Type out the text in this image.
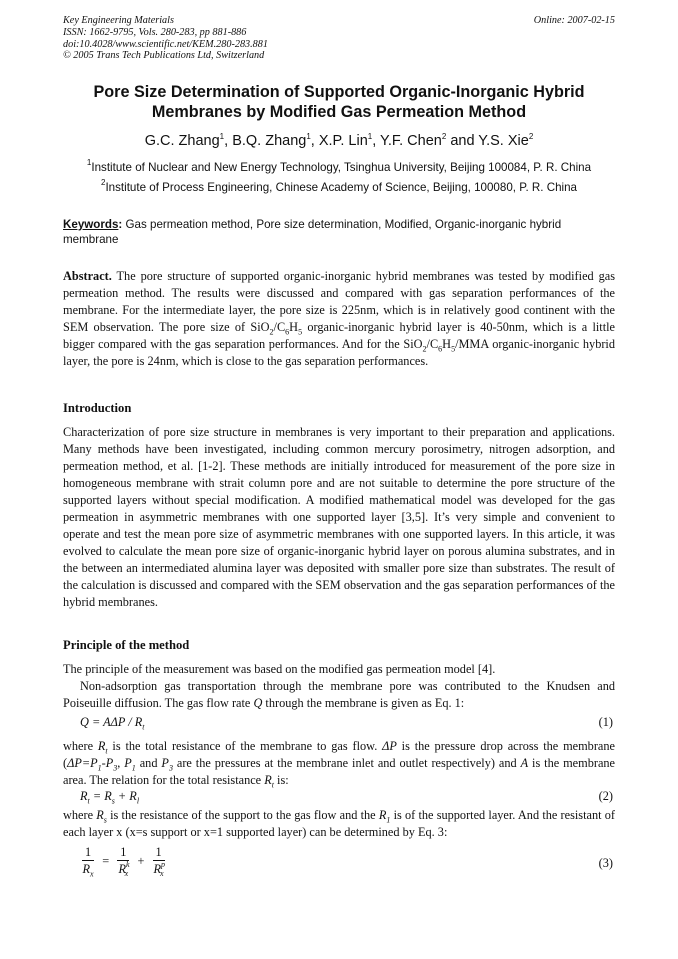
Key Engineering Materials
ISSN: 1662-9795, Vols. 280-283, pp 881-886
doi:10.4028/www.scientific.net/KEM.280-283.881
© 2005 Trans Tech Publications Ltd, Switzerland
Online: 2007-02-15
Pore Size Determination of Supported Organic-Inorganic Hybrid
Membranes by Modified Gas Permeation Method
G.C. Zhang$^1$, B.Q. Zhang$^1$, X.P. Lin$^1$, Y.F. Chen$^2$ and Y.S. Xie$^2$
$^1$Institute of Nuclear and New Energy Technology, Tsinghua University, Beijing 100084, P. R. China
$^2$Institute of Process Engineering, Chinese Academy of Science, Beijing, 100080, P. R. China
Keywords: Gas permeation method, Pore size determination, Modified, Organic-inorganic hybrid membrane
Abstract. The pore structure of supported organic-inorganic hybrid membranes was tested by modified gas permeation method. The results were discussed and compared with gas separation performances of the membrane. For the intermediate layer, the pore size is 225nm, which is in relatively good continent with the SEM observation. The pore size of $SiO_2/C_6H_5$ organic-inorganic hybrid layer is 40-50nm, which is a little bigger compared with the gas separation performances. And for the $SiO_2/C_6H_5$/MMA organic-inorganic hybrid layer, the pore is 24nm, which is close to the gas separation performances.
Introduction
Characterization of pore size structure in membranes is very important to their preparation and applications. Many methods have been investigated, including common mercury porosimetry, nitrogen adsorption, and permeation method, et al. [1-2]. These methods are initially introduced for measurement of the pore size in homogeneous membrane with strait column pore and are not suitable to determine the pore structure of the supported layers without special modification. A modified mathematical model was developed for the gas permeation in asymmetric membranes with one supported layer [3,5]. It’s very simple and convenient to operate and test the mean pore size of asymmetric membranes with one supported layers. In this article, it was evolved to calculate the mean pore size of organic-inorganic hybrid layer on porous alumina substrates, and in the between an intermediated alumina layer was deposited with smaller pore size than substrates. The result of the calculation is discussed and compared with the SEM observation and the gas separation performances of the hybrid membranes.
Principle of the method
The principle of the measurement was based on the modified gas permeation model [4].
Non-adsorption gas transportation through the membrane pore was contributed to the Knudsen and Poiseuille diffusion. The gas flow rate Q through the membrane is given as Eq. 1:
$Q = A\Delta P / R_t$	(1)
where $R_t$ is the total resistance of the membrane to gas flow. ΔP is the pressure drop across the membrane ($\Delta P=P_1-P_3$, $P_1$ and $P_3$ are the pressures at the membrane inlet and outlet respectively) and A is the membrane area. The relation for the total resistance $R_t$ is:
$R_t = R_s + R_l$	(2)
where $R_s$ is the resistance of the support to the gas flow and the $R_1$ is of the supported layer. And the resistant of each layer x (x=s support or x=1 supported layer) can be determined by Eq. 3:
$\frac{1}{R_x} = \frac{1}{R^k_x} + \frac{1}{R^p_x}$	(3)
